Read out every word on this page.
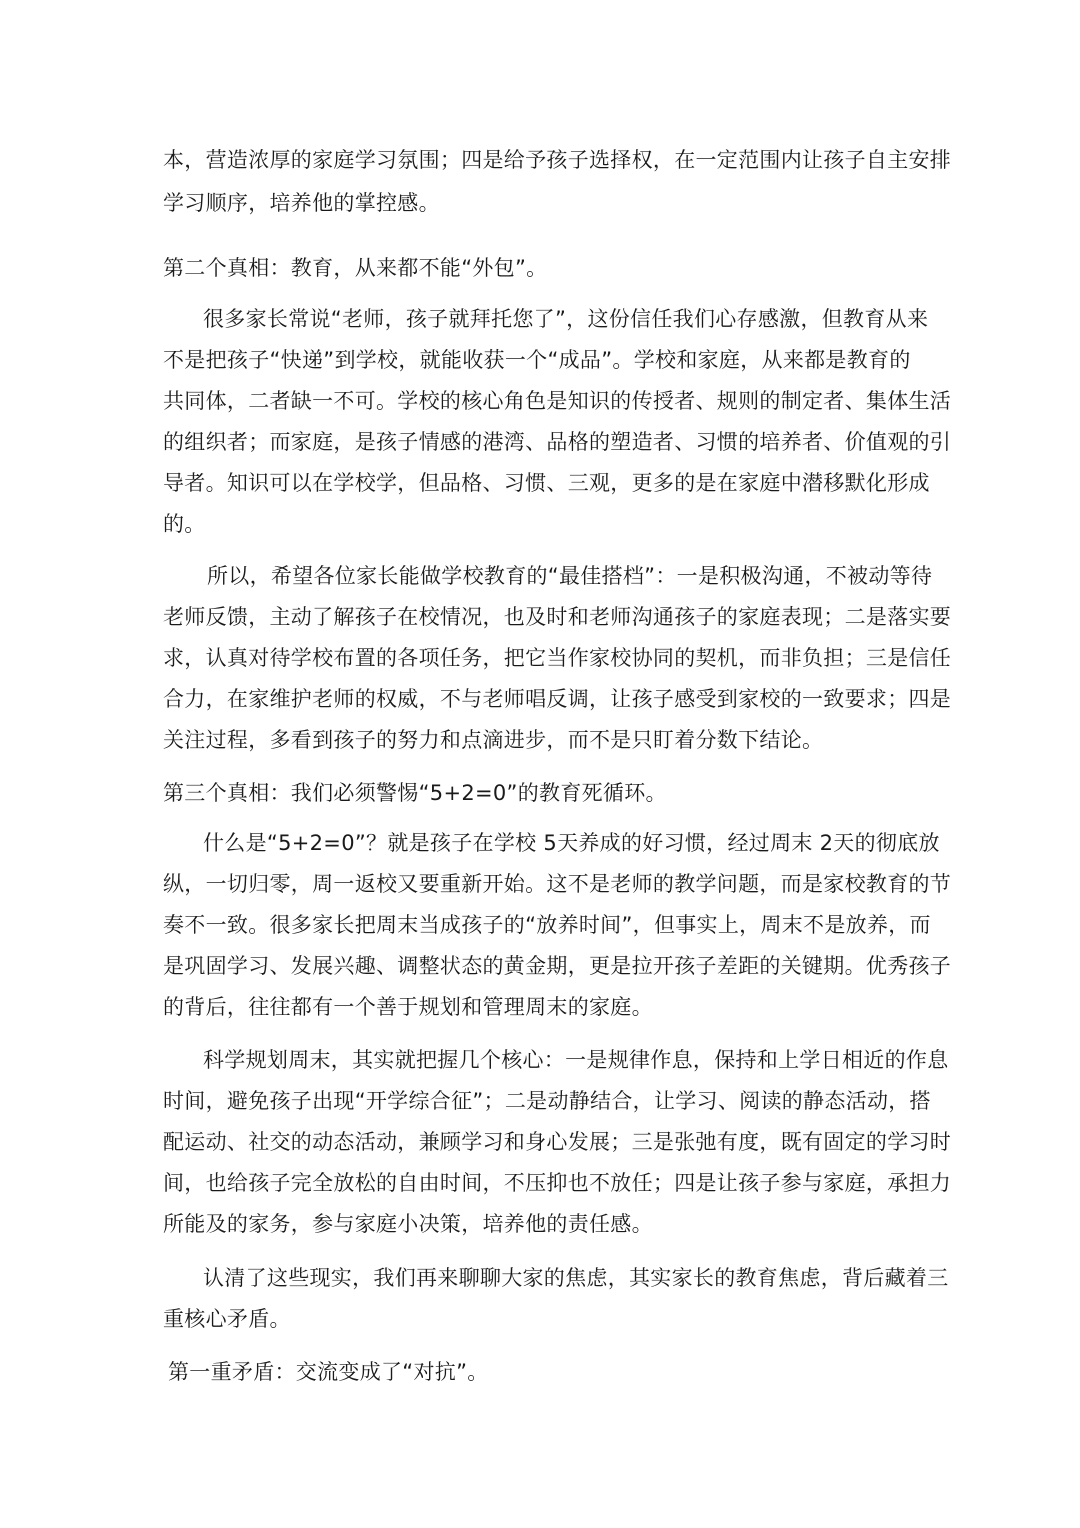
本，营造浓厚的家庭学习氛围；四是给予孩子选择权，在一定范围内让孩子自主安排
学习顺序，培养他的掌控感。
第二个真相：教育，从来都不能“外包”。
很多家长常说“老师，孩子就拜托您了”，这份信任我们心存感激，但教育从来
不是把孩子“快递”到学校，就能收获一个“成品”。学校和家庭，从来都是教育的
共同体，二者缺一不可。学校的核心角色是知识的传授者、规则的制定者、集体生活
的组织者；而家庭，是孩子情感的港湾、品格的塑造者、习惯的培养者、价值观的引
导者。知识可以在学校学，但品格、习惯、三观，更多的是在家庭中潜移默化形成
的。
所以，希望各位家长能做学校教育的“最佳搭档”：一是积极沟通，不被动等待
老师反馈，主动了解孩子在校情况，也及时和老师沟通孩子的家庭表现；二是落实要
求，认真对待学校布置的各项任务，把它当作家校协同的契机，而非负担；三是信任
合力，在家维护老师的权威，不与老师唱反调，让孩子感受到家校的一致要求；四是
关注过程，多看到孩子的努力和点滴进步，而不是只盯着分数下结论。
第三个真相：我们必须警惕“5+2=0”的教育死循环。
什么是“5+2=0”？就是孩子在学校 5天养成的好习惯，经过周末 2天的彻底放
纵，一切归零，周一返校又要重新开始。这不是老师的教学问题，而是家校教育的节
奏不一致。很多家长把周末当成孩子的“放养时间”，但事实上，周末不是放养，而
是巩固学习、发展兴趣、调整状态的黄金期，更是拉开孩子差距的关键期。优秀孩子
的背后，往往都有一个善于规划和管理周末的家庭。
科学规划周末，其实就把握几个核心：一是规律作息，保持和上学日相近的作息
时间，避免孩子出现“开学综合征”；二是动静结合，让学习、阅读的静态活动，搭
配运动、社交的动态活动，兼顾学习和身心发展；三是张弛有度，既有固定的学习时
间，也给孩子完全放松的自由时间，不压抑也不放任；四是让孩子参与家庭，承担力
所能及的家务，参与家庭小决策，培养他的责任感。
认清了这些现实，我们再来聊聊大家的焦虑，其实家长的教育焦虑，背后藏着三
重核心矛盾。
第一重矛盾：交流变成了“对抗”。
